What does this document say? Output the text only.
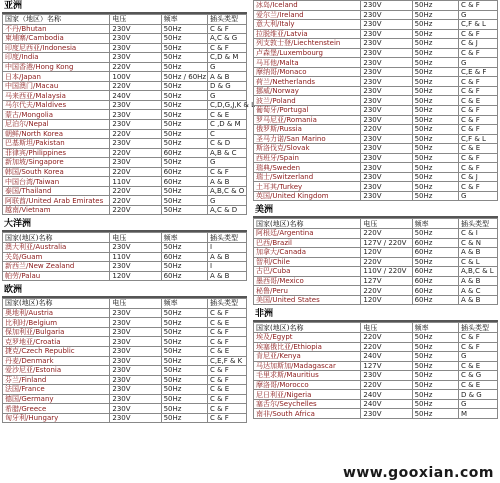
亚洲
国家（地区）名称	电压	频率	插头类型
不丹/Bhutan	230V	50Hz	C & F
柬埔寨/Cambodia	230V	50Hz	A,C & G
印度尼西亚/Indonesia	230V	50Hz	C & F
印度/India	230V	50Hz	C,D & M
中国香港/Hong Kong	220V	50Hz	G
日本/Japan	100V	50Hz / 60Hz	A & B
中国澳门/Macau	220V	50Hz	D & G
马来西亚/Malaysia	240V	50Hz	G
马尔代夫/Maldives	230V	50Hz	C,D,G,J,K & L
蒙古/Mongolia	230V	50Hz	C & E
尼泊尔/Nepal	230V	50Hz	C ,D & M
朝鲜/North Korea	220V	50Hz	C
巴基斯坦/Pakistan	230V	50Hz	C & D
菲律宾/Philippines	220V	60Hz	A,B & C
新加坡/Singapore	230V	50Hz	G
韩国/South Korea	220V	60Hz	C & F
中国台湾/Taiwan	110V	60Hz	A & B
泰国/Thailand	220V	50Hz	A,B,C & O
阿联酋/United Arab Emirates	220V	50Hz	G
越南/Vietnam	220V	50Hz	A,C & D
大洋洲
国家(地区)名称	电压	频率	插头类型
澳大利亚/Australia	230V	50Hz	I
关岛/Guam	110V	60Hz	A & B
新西兰/New Zealand	230V	50Hz	I
帕劳/Palau	120V	60Hz	A & B
欧洲
国家(地区)名称	电压	频率	插头类型
奥地利/Austria	230V	50Hz	C & F
比利时/Belgium	230V	50Hz	C & E
保加利亚/Bulgaria	230V	50Hz	C & F
克罗地亚/Croatia	230V	50Hz	C & F
捷克/Czech Republic	230V	50Hz	C & E
丹麦/Denmark	230V	50Hz	C,E,F & K
爱沙尼亚/Estonia	230V	50Hz	C & F
芬兰/Finland	230V	50Hz	C & F
法国/France	230V	50Hz	C & E
德国/Germany	230V	50Hz	C & F
希腊/Greece	230V	50Hz	C & F
匈牙利/Hungary	230V	50Hz	C & F
冰岛/Iceland	230V	50Hz	C & F
爱尔兰/Ireland	230V	50Hz	G
意大利/Italy	230V	50Hz	C,F & L
拉脱维亚/Latvia	230V	50Hz	C & F
列支敦士登/Liechtenstein	230V	50Hz	C & J
卢森堡/Luxembourg	230V	50Hz	C & F
马耳他/Malta	230V	50Hz	G
摩纳哥/Monaco	230V	50Hz	C,E & F
荷兰/Netherlands	230V	50Hz	C & F
挪威/Norway	230V	50Hz	C & F
波兰/Poland	230V	50Hz	C & E
葡萄牙/Portugal	230V	50Hz	C & F
罗马尼亚/Romania	230V	50Hz	C & F
俄罗斯/Russia	220V	50Hz	C & F
圣马力诺/San Marino	230V	50Hz	C,F & L
斯洛伐克/Slovak	230V	50Hz	C & E
西班牙/Spain	230V	50Hz	C & F
瑞典/Sweden	230V	50Hz	C & F
瑞士/Switzerland	230V	50Hz	C & J
土耳其/Turkey	230V	50Hz	C & F
英国/United Kingdom	230V	50Hz	G
美洲
国家(地区)名称	电压	频率	插头类型
阿根廷/Argentina	220V	50Hz	C & I
巴西/Brazil	127V / 220V	60Hz	C & N
加拿大/Canada	120V	60Hz	A & B
智利/Chile	220V	50Hz	C & L
古巴/Cuba	110V / 220V	60Hz	A,B,C & L
墨西哥/Mexico	127V	60Hz	A & B
秘鲁/Peru	220V	60Hz	A & C
美国/United States	120V	60Hz	A & B
非洲
国家(地区)名称	电压	频率	插头类型
埃及/Egypt	220V	50Hz	C & F
埃塞俄比亚/Ethiopia	220V	50Hz	C & F
肯尼亚/Kenya	240V	50Hz	G
马达加斯加/Madagascar	127V	50Hz	C & E
毛里求斯/Mauritius	230V	50Hz	C & G
摩洛哥/Morocco	220V	50Hz	C & E
尼日利亚/Nigeria	240V	50Hz	D & G
塞舌尔/Seychelles	240V	50Hz	G
南非/South Africa	230V	50Hz	M
www.gooxian.com
